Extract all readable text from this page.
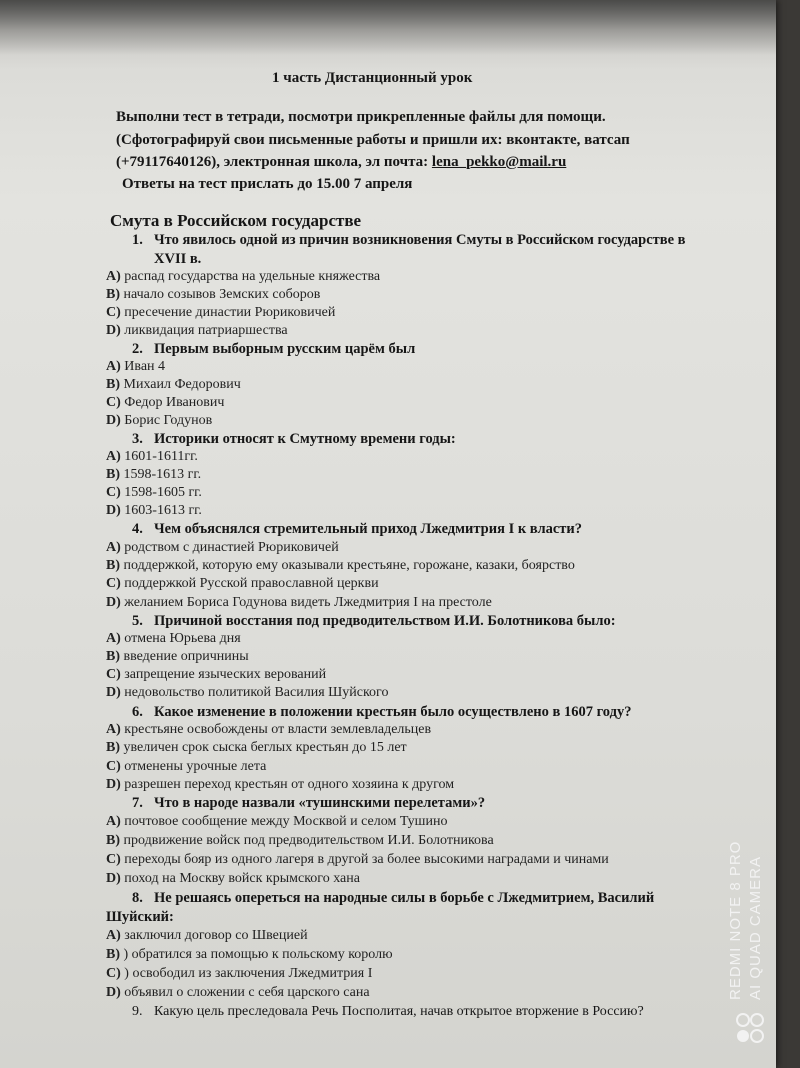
1 часть Дистанционный урок
Выполни тест в тетради, посмотри прикрепленные файлы для помощи.
(Сфотографируй свои письменные работы и пришли их: вконтакте, ватсап
(+79117640126), электронная школа, эл почта: lena_pekko@mail.ru
Ответы на тест прислать до 15.00 7 апреля
Смута в Российском государстве
1. Что явилось одной из причин возникновения Смуты в Российском государстве в
XVII в.
А) распад государства на удельные княжества
В) начало созывов Земских соборов
С) пресечение династии Рюриковичей
D) ликвидация патриаршества
2. Первым выборным русским царём был
А) Иван 4
В) Михаил Федорович
С) Федор Иванович
D) Борис Годунов
3. Историки относят к Смутному времени годы:
А) 1601-1611гг.
В) 1598-1613 гг.
С) 1598-1605 гг.
D) 1603-1613 гг.
4. Чем объяснялся стремительный приход Лжедмитрия I к власти?
А) родством с династией Рюриковичей
В) поддержкой, которую ему оказывали крестьяне, горожане, казаки, боярство
С) поддержкой Русской православной церкви
D) желанием Бориса Годунова видеть Лжедмитрия I на престоле
5. Причиной восстания под предводительством И.И. Болотникова было:
А) отмена Юрьева дня
В) введение опричнины
С) запрещение языческих верований
D) недовольство политикой Василия Шуйского
6. Какое изменение в положении крестьян было осуществлено в 1607 году?
А) крестьяне освобождены от власти землевладельцев
В) увеличен срок сыска беглых крестьян до 15 лет
С) отменены урочные лета
D) разрешен переход крестьян от одного хозяина к другом
7. Что в народе назвали «тушинскими перелетами»?
А) почтовое сообщение между Москвой и селом Тушино
В) продвижение войск под предводительством И.И. Болотникова
С) переходы бояр из одного лагеря в другой за более высокими наградами и чинами
D) поход на Москву войск крымского хана
8. Не решаясь опереться на народные силы в борьбе с Лжедмитрием, Василий
Шуйский:
А) заключил договор со Швецией
В) ) обратился за помощью к польскому королю
С) ) освободил из заключения Лжедмитрия I
D) объявил о сложении с себя царского сана
9. Какую цель преследовала Речь Посполитая, начав открытое вторжение в Россию?
REDMI NOTE 8 PRO AI QUAD CAMERA
